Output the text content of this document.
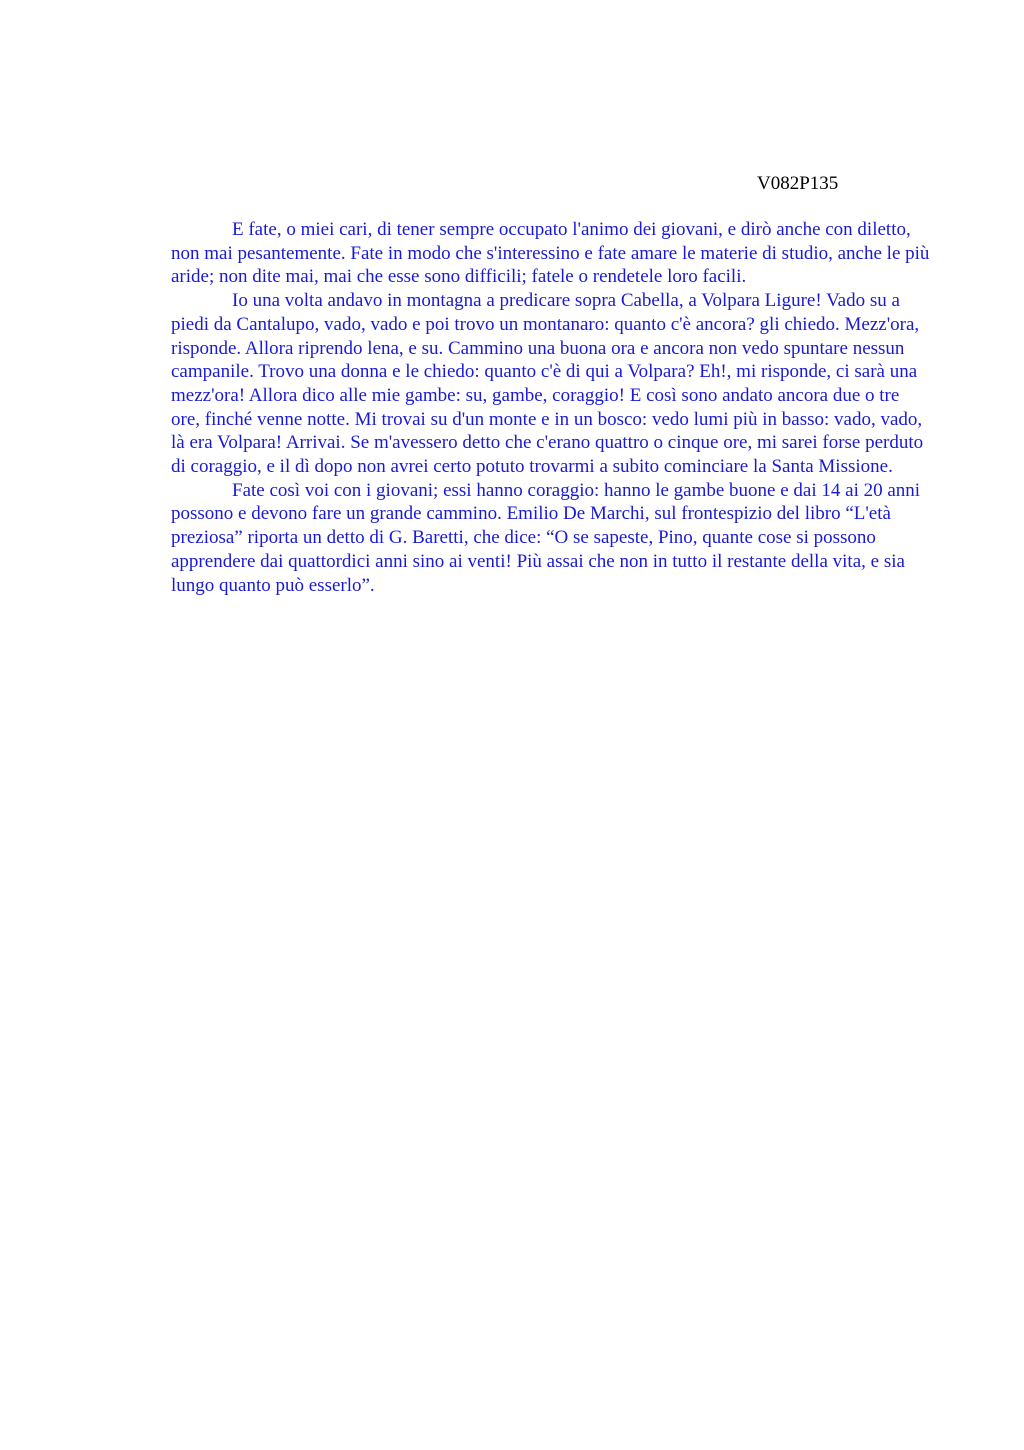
V082P135

E fate, o miei cari, di tener sempre occupato l'animo dei giovani, e dirò anche con diletto, non mai pesantemente. Fate in modo che s'interessino e fate amare le materie di studio, anche le più aride; non dite mai, mai che esse sono difficili; fatele o rendetele loro facili.

Io una volta andavo in montagna a predicare sopra Cabella, a Volpara Ligure! Vado su a piedi da Cantalupo, vado, vado e poi trovo un montanaro: quanto c'è ancora? gli chiedo. Mezz'ora, risponde. Allora riprendo lena, e su. Cammino una buona ora e ancora non vedo spuntare nessun campanile. Trovo una donna e le chiedo: quanto c'è di qui a Volpara? Eh!, mi risponde, ci sarà una mezz'ora! Allora dico alle mie gambe: su, gambe, coraggio! E così sono andato ancora due o tre ore, finché venne notte. Mi trovai su d'un monte e in un bosco: vedo lumi più in basso: vado, vado, là era Volpara! Arrivai. Se m'avessero detto che c'erano quattro o cinque ore, mi sarei forse perduto di coraggio, e il dì dopo non avrei certo potuto trovarmi a subito cominciare la Santa Missione.

Fate così voi con i giovani; essi hanno coraggio: hanno le gambe buone e dai 14 ai 20 anni possono e devono fare un grande cammino. Emilio De Marchi, sul frontespizio del libro “L'età preziosa” riporta un detto di G. Baretti, che dice: “O se sapeste, Pino, quante cose si possono apprendere dai quattordici anni sino ai venti! Più assai che non in tutto il restante della vita, e sia lungo quanto può esserlo”.
